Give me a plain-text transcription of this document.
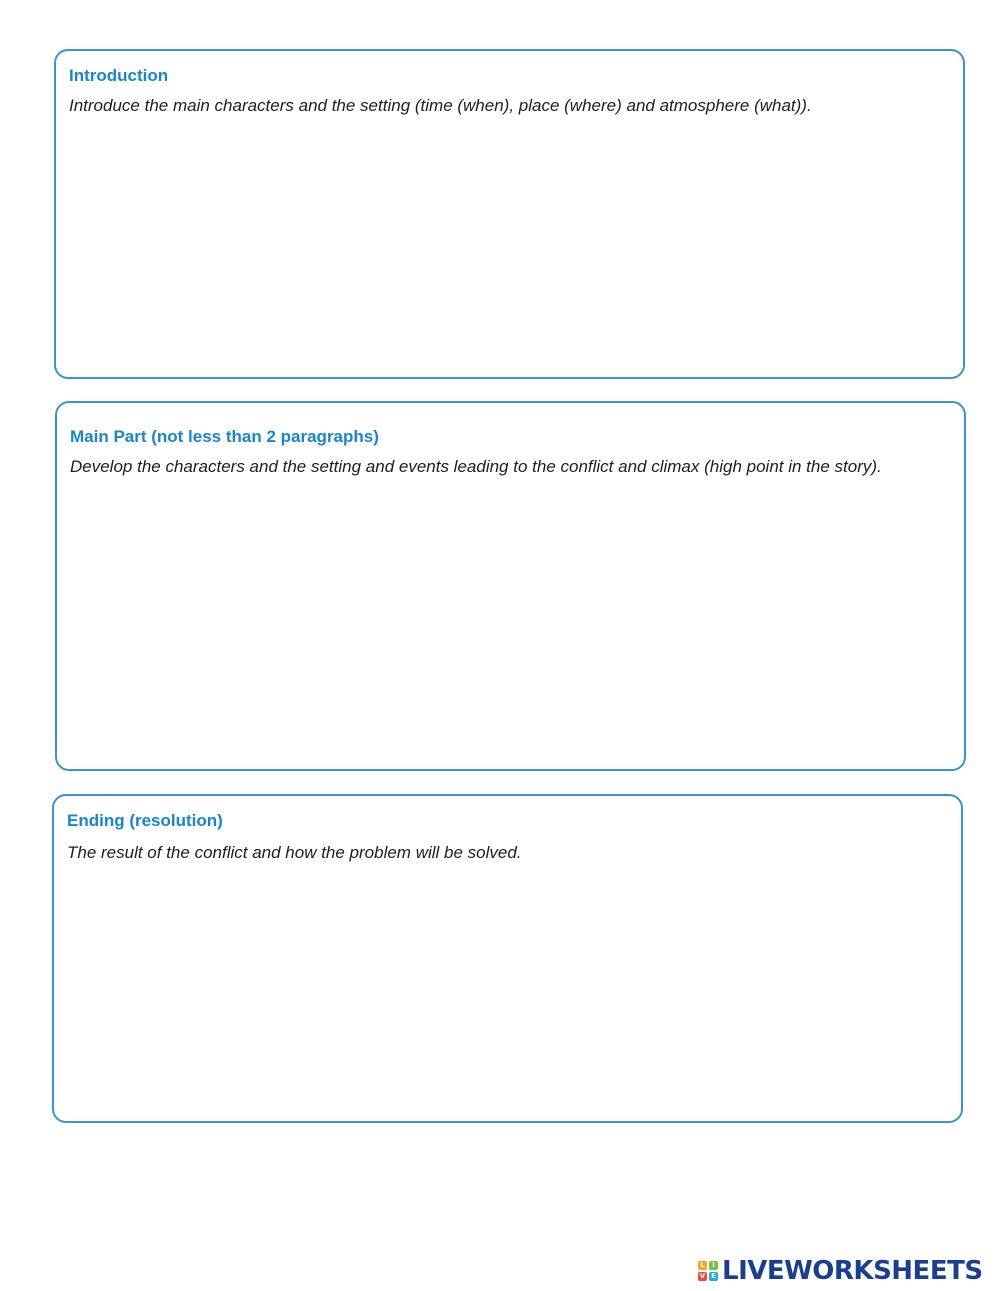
Introduction
Introduce the main characters and the setting (time (when), place (where) and atmosphere (what)).
Main Part (not less than 2 paragraphs)
Develop the characters and the setting and events leading to the conflict and climax (high point in the story).
Ending (resolution)
The result of the conflict and how the problem will be solved.
L	I
V E LIVEWORKSHEETS
